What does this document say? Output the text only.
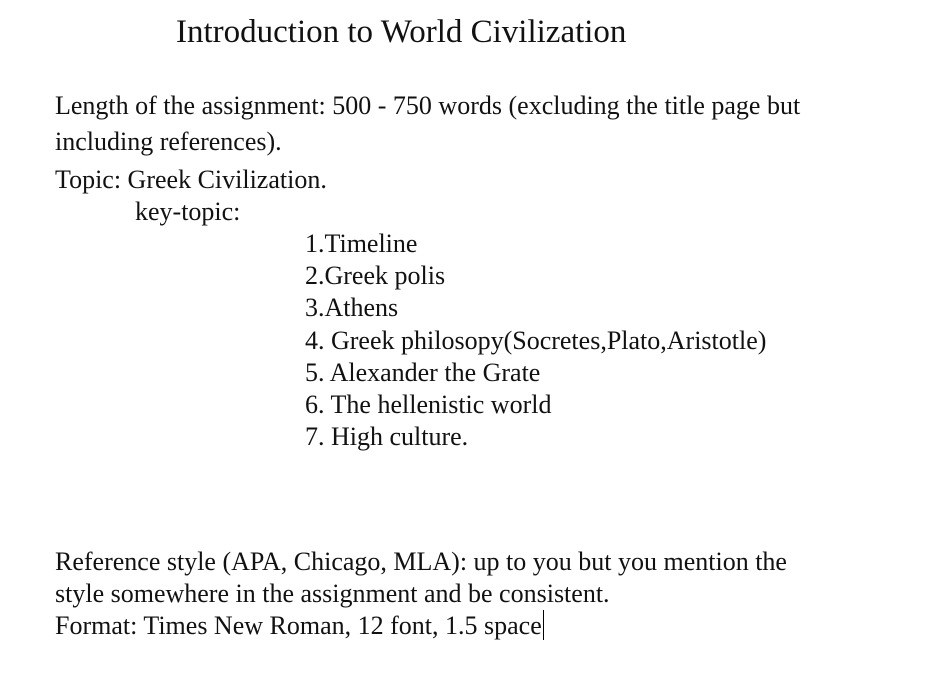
Introduction to World Civilization
Length of the assignment: 500 - 750 words (excluding the title page but
including references).
Topic: Greek Civilization.
key-topic:
1.Timeline
2.Greek polis
3.Athens
4. Greek philosopy(Socretes,Plato,Aristotle)
5. Alexander the Grate
6. The hellenistic world
7. High culture.
Reference style (APA, Chicago, MLA): up to you but you mention the
style somewhere in the assignment and be consistent.
Format: Times New Roman, 12 font, 1.5 space
